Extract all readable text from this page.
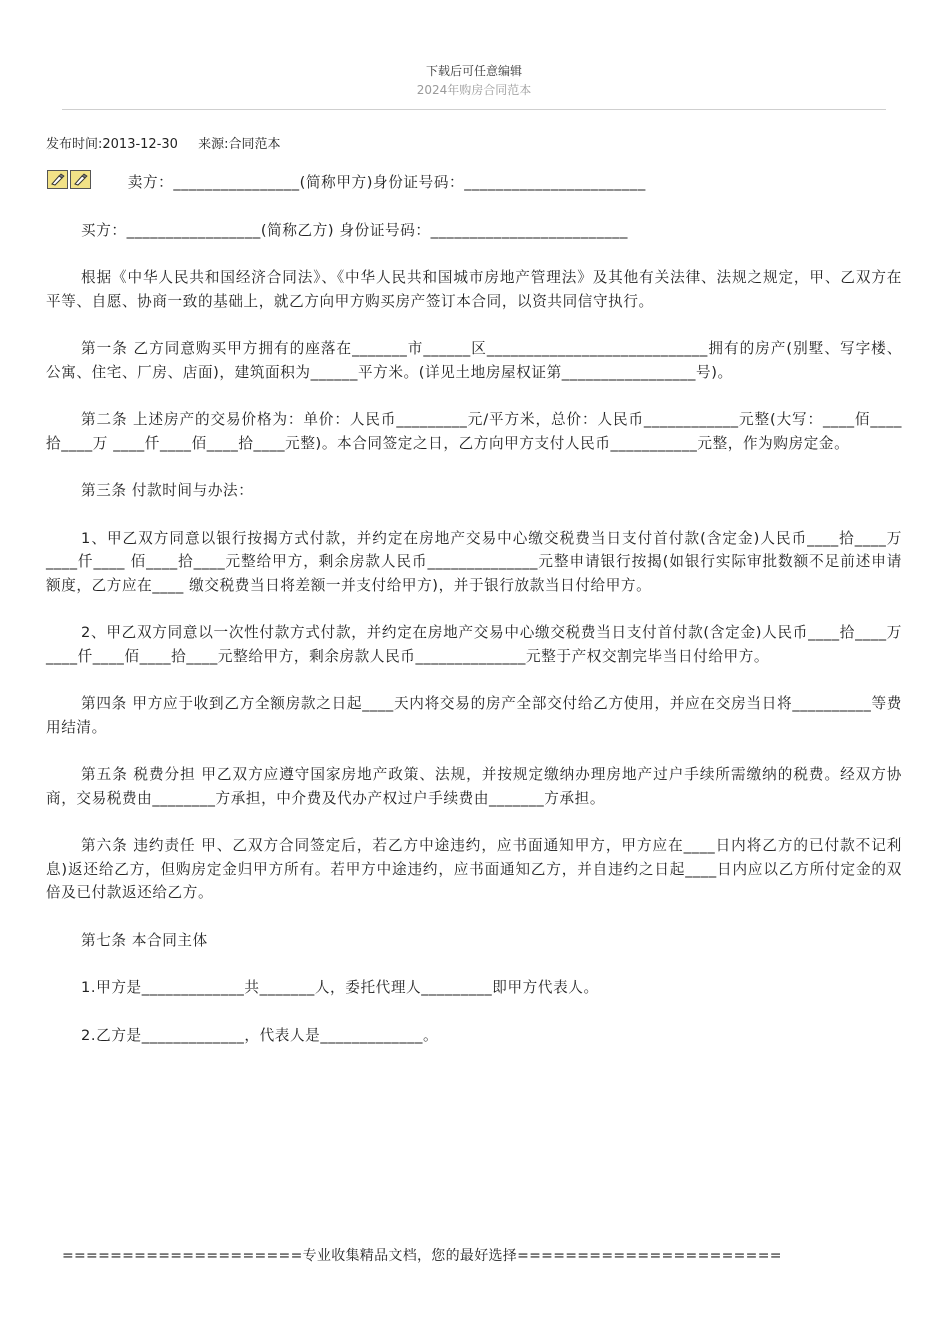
下载后可任意编辑
2024年购房合同范本
发布时间:2013-12-30 来源:合同范本

卖方：________________(简称甲方)身份证号码：_______________________

买方：_________________(简称乙方) 身份证号码：_________________________

根据《中华人民共和国经济合同法》、《中华人民共和国城市房地产管理法》及其他有关法律、法规之规定，甲、乙双方在平等、自愿、协商一致的基础上，就乙方向甲方购买房产签订本合同，以资共同信守执行。

第一条 乙方同意购买甲方拥有的座落在_______市______区____________________________拥有的房产(别墅、写字楼、公寓、住宅、厂房、店面)，建筑面积为______平方米。(详见土地房屋权证第_________________号)。

第二条 上述房产的交易价格为：单价：人民币_________元/平方米，总价：人民币____________元整(大写：____佰____拾____万 ____仟____佰____拾____元整)。本合同签定之日，乙方向甲方支付人民币___________元整，作为购房定金。

第三条 付款时间与办法：

1、甲乙双方同意以银行按揭方式付款，并约定在房地产交易中心缴交税费当日支付首付款(含定金)人民币____拾____万____仟____ 佰____拾____元整给甲方，剩余房款人民币______________元整申请银行按揭(如银行实际审批数额不足前述申请额度，乙方应在____ 缴交税费当日将差额一并支付给甲方)，并于银行放款当日付给甲方。

2、甲乙双方同意以一次性付款方式付款，并约定在房地产交易中心缴交税费当日支付首付款(含定金)人民币____拾____万____仟____佰____拾____元整给甲方，剩余房款人民币______________元整于产权交割完毕当日付给甲方。

第四条 甲方应于收到乙方全额房款之日起____天内将交易的房产全部交付给乙方使用，并应在交房当日将__________等费用结清。

第五条 税费分担 甲乙双方应遵守国家房地产政策、法规，并按规定缴纳办理房地产过户手续所需缴纳的税费。经双方协商，交易税费由________方承担，中介费及代办产权过户手续费由_______方承担。

第六条 违约责任 甲、乙双方合同签定后，若乙方中途违约，应书面通知甲方，甲方应在____日内将乙方的已付款不记利息)返还给乙方，但购房定金归甲方所有。若甲方中途违约，应书面通知乙方，并自违约之日起____日内应以乙方所付定金的双倍及已付款返还给乙方。

第七条 本合同主体

1.甲方是_____________共_______人，委托代理人_________即甲方代表人。

2.乙方是_____________，代表人是_____________。

====================专业收集精品文档，您的最好选择======================
